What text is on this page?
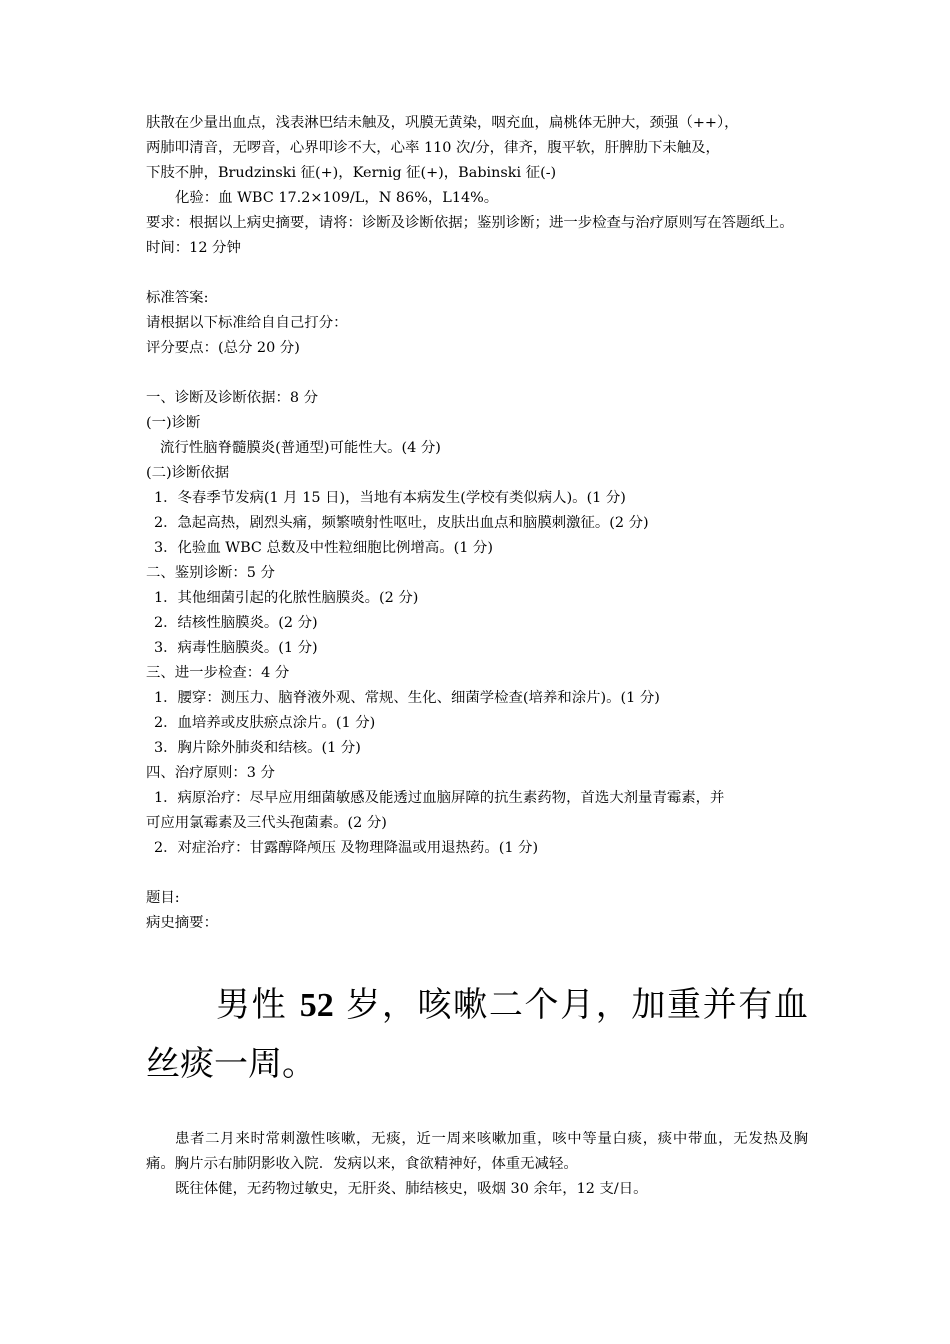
肤散在少量出血点，浅表淋巴结未触及，巩膜无黄染，咽充血，扁桃体无肿大，颈强（++），

两肺叩清音，无啰音，心界叩诊不大，心率 110 次/分，律齐，腹平软，肝脾肋下未触及，

下肢不肿，Brudzinski 征(+)，Kernig 征(+)，Babinski 征(-)

化验：血 WBC 17.2×109/L，N 86%，L14%。

要求：根据以上病史摘要，请将：诊断及诊断依据；鉴别诊断；进一步检查与治疗原则写在答题纸上。

时间：12 分钟

标准答案:

请根据以下标准给自自己打分：

评分要点：(总分 20 分)

一、诊断及诊断依据：8 分

(一)诊断

流行性脑脊髓膜炎(普通型)可能性大。(4 分)

(二)诊断依据

1．冬春季节发病(1 月 15 日)，当地有本病发生(学校有类似病人)。(1 分)

2．急起高热，剧烈头痛，频繁喷射性呕吐，皮肤出血点和脑膜刺激征。(2 分)

3．化验血 WBC 总数及中性粒细胞比例增高。(1 分)

二、鉴别诊断：5 分

1．其他细菌引起的化脓性脑膜炎。(2 分)

2．结核性脑膜炎。(2 分)

3．病毒性脑膜炎。(1 分)

三、进一步检查：4 分

1．腰穿：测压力、脑脊液外观、常规、生化、细菌学检查(培养和涂片)。(1 分)

2．血培养或皮肤瘀点涂片。(1 分)

3．胸片除外肺炎和结核。(1 分)

四、治疗原则：3 分

1．病原治疗：尽早应用细菌敏感及能透过血脑屏障的抗生素药物，首选大剂量青霉素，并

可应用氯霉素及三代头孢菌素。(2 分)

2．对症治疗：甘露醇降颅压 及物理降温或用退热药。(1 分)

题目:

病史摘要：

男性 52 岁，咳嗽二个月，加重并有血丝痰一周。

患者二月来时常刺激性咳嗽，无痰，近一周来咳嗽加重，咳中等量白痰，痰中带血，无发热及胸痛。胸片示右肺阴影收入院．发病以来，食欲精神好，体重无减轻。

既往体健，无药物过敏史，无肝炎、肺结核史，吸烟 30 余年，12 支/日。
